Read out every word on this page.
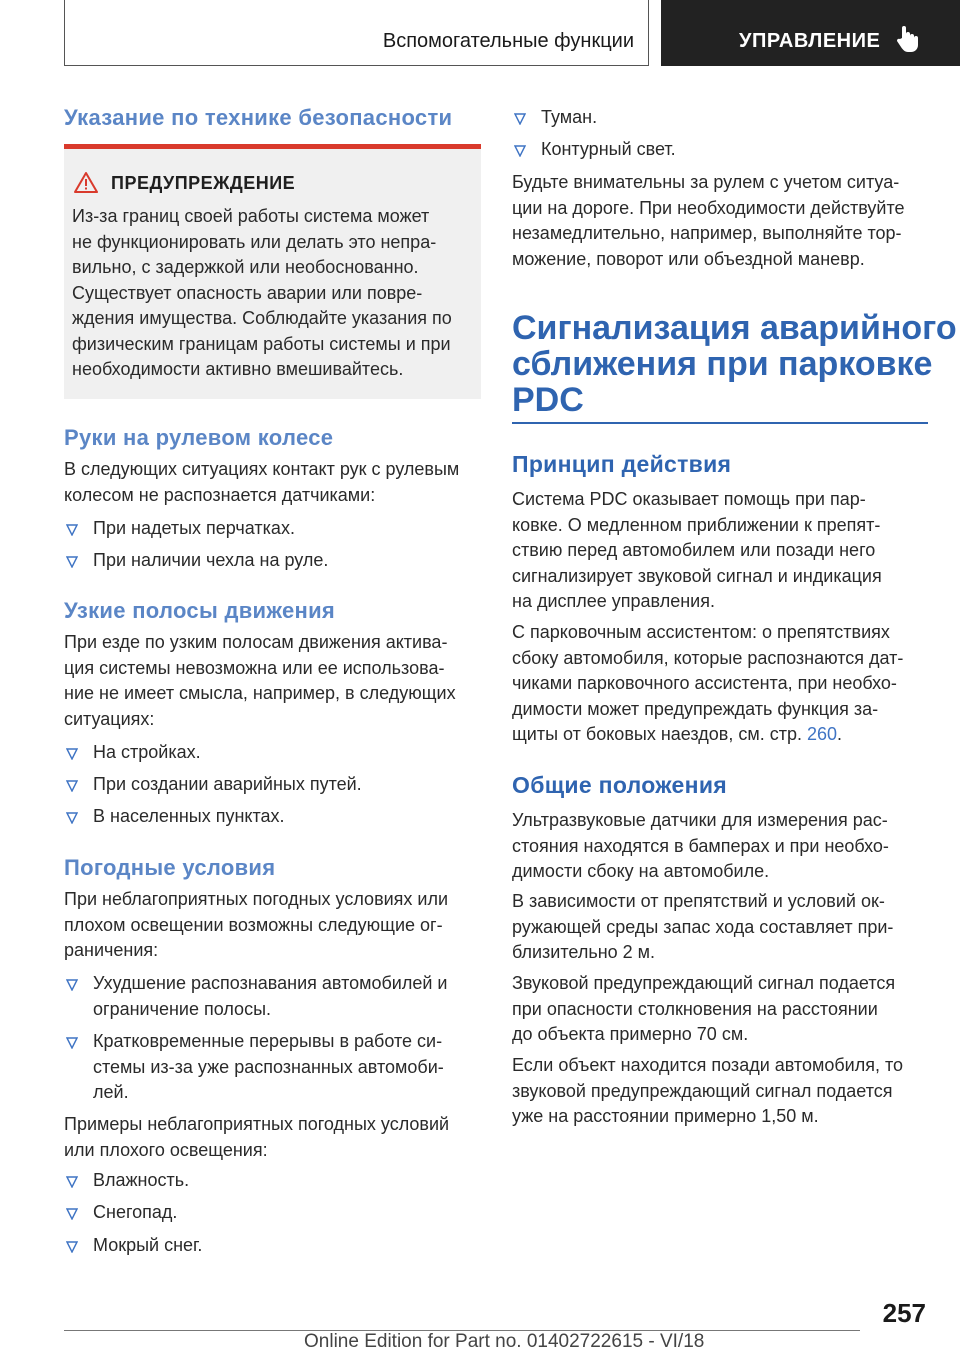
Вспомогательные функции	УПРАВЛЕНИЕ
Указание по технике безопасности
ПРЕДУПРЕЖДЕНИЕ
Из-за границ своей работы система может
не функционировать или делать это непра-
вильно, с задержкой или необоснованно.
Существует опасность аварии или повре-
ждения имущества. Соблюдайте указания по
физическим границам работы системы и при
необходимости активно вмешивайтесь.
Руки на рулевом колесе
В следующих ситуациях контакт рук с рулевым
колесом не распознается датчиками:
При надетых перчатках.
При наличии чехла на руле.
Узкие полосы движения
При езде по узким полосам движения актива-
ция системы невозможна или ее использова-
ние не имеет смысла, например, в следующих
ситуациях:
На стройках.
При создании аварийных путей.
В населенных пунктах.
Погодные условия
При неблагоприятных погодных условиях или
плохом освещении возможны следующие ог-
раничения:
Ухудшение распознавания автомобилей и
ограничение полосы.
Кратковременные перерывы в работе си-
стемы из-за уже распознанных автомоби-
лей.
Примеры неблагоприятных погодных условий
или плохого освещения:
Влажность.
Снегопад.
Мокрый снег.
Туман.
Контурный свет.
Будьте внимательны за рулем с учетом ситуа-
ции на дороге. При необходимости действуйте
незамедлительно, например, выполняйте тор-
можение, поворот или объездной маневр.
Сигнализация аварийного
сближения при парковке
PDC
Принцип действия
Система PDC оказывает помощь при пар-
ковке. О медленном приближении к препят-
ствию перед автомобилем или позади него
сигнализирует звуковой сигнал и индикация
на дисплее управления.
С парковочным ассистентом: о препятствиях
сбоку автомобиля, которые распознаются дат-
чиками парковочного ассистента, при необхо-
димости может предупреждать функция за-
щиты от боковых наездов, см. стр. 260.
Общие положения
Ультразвуковые датчики для измерения рас-
стояния находятся в бамперах и при необхо-
димости сбоку на автомобиле.
В зависимости от препятствий и условий ок-
ружающей среды запас хода составляет при-
близительно 2 м.
Звуковой предупреждающий сигнал подается
при опасности столкновения на расстоянии
до объекта примерно 70 см.
Если объект находится позади автомобиля, то
звуковой предупреждающий сигнал подается
уже на расстоянии примерно 1,50 м.
257
Online Edition for Part no. 01402722615 - VI/18
